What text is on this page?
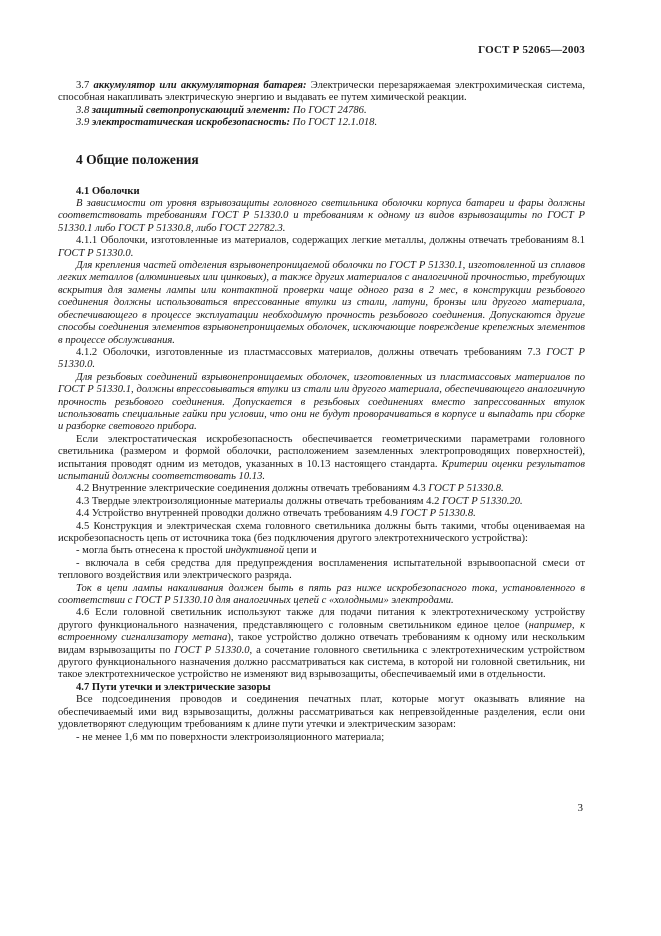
ГОСТ Р 52065—2003

3.7 аккумулятор или аккумуляторная батарея: Электрически перезаряжаемая электрохимическая система, способная накапливать электрическую энергию и выдавать ее путем химической реакции.

3.8 защитный светопропускающий элемент: По ГОСТ 24786.

3.9 электростатическая искробезопасность: По ГОСТ 12.1.018.

4 Общие положения
4.1 Оболочки

В зависимости от уровня взрывозащиты головного светильника оболочки корпуса батареи и фары должны соответствовать требованиям ГОСТ Р 51330.0 и требованиям к одному из видов взрывозащиты по ГОСТ Р 51330.1 либо ГОСТ Р 51330.8, либо ГОСТ 22782.3.

4.1.1 Оболочки, изготовленные из материалов, содержащих легкие металлы, должны отвечать требованиям 8.1 ГОСТ Р 51330.0.

Для крепления частей отделения взрывонепроницаемой оболочки по ГОСТ Р 51330.1, изготовленной из сплавов легких металлов (алюминиевых или цинковых), а также других материалов с аналогичной прочностью, требующих вскрытия для замены лампы или контактной проверки чаще одного раза в 2 мес, в конструкции резьбового соединения должны использоваться впрессованные втулки из стали, латуни, бронзы или другого материала, обеспечивающего в процессе эксплуатации необходимую прочность резьбового соединения. Допускаются другие способы соединения элементов взрывонепроницаемых оболочек, исключающие повреждение крепежных элементов в процессе обслуживания.

4.1.2 Оболочки, изготовленные из пластмассовых материалов, должны отвечать требованиям 7.3 ГОСТ Р 51330.0.

Для резьбовых соединений взрывонепроницаемых оболочек, изготовленных из пластмассовых материалов по ГОСТ Р 51330.1, должны впрессовываться втулки из стали или другого материала, обеспечивающего аналогичную прочность резьбового соединения. Допускается в резьбовых соединениях вместо запрессованных втулок использовать специальные гайки при условии, что они не будут проворачиваться в корпусе и выпадать при сборке и разборке светового прибора.

Если электростатическая искробезопасность обеспечивается геометрическими параметрами головного светильника (размером и формой оболочки, расположением заземленных электропроводящих поверхностей), испытания проводят одним из методов, указанных в 10.13 настоящего стандарта. Критерии оценки результатов испытаний должны соответствовать 10.13.

4.2 Внутренние электрические соединения должны отвечать требованиям 4.3 ГОСТ Р 51330.8.

4.3 Твердые электроизоляционные материалы должны отвечать требованиям 4.2 ГОСТ Р 51330.20.

4.4 Устройство внутренней проводки должно отвечать требованиям 4.9 ГОСТ Р 51330.8.

4.5 Конструкция и электрическая схема головного светильника должны быть такими, чтобы оцениваемая на искробезопасность цепь от источника тока (без подключения другого электротехнического устройства):

- могла быть отнесена к простой индуктивной цепи и

- включала в себя средства для предупреждения воспламенения испытательной взрывоопасной смеси от теплового воздействия или электрического разряда.

Ток в цепи лампы накаливания должен быть в пять раз ниже искробезопасного тока, установленного в соответствии с ГОСТ Р 51330.10 для аналогичных цепей с «холодными» электродами.

4.6 Если головной светильник используют также для подачи питания к электротехническому устройству другого функционального назначения, представляющего с головным светильником единое целое (например, к встроенному сигнализатору метана), такое устройство должно отвечать требованиям к одному или нескольким видам взрывозащиты по ГОСТ Р 51330.0, а сочетание головного светильника с электротехническим устройством другого функционального назначения должно рассматриваться как система, в которой ни головной светильник, ни такое электротехническое устройство не изменяют вид взрывозащиты, обеспечиваемый ими в отдельности.

4.7 Пути утечки и электрические зазоры

Все подсоединения проводов и соединения печатных плат, которые могут оказывать влияние на обеспечиваемый ими вид взрывозащиты, должны рассматриваться как непревзойденные разделения, если они удовлетворяют следующим требованиям к длине пути утечки и электрическим зазорам:

- не менее 1,6 мм по поверхности электроизоляционного материала;

3
